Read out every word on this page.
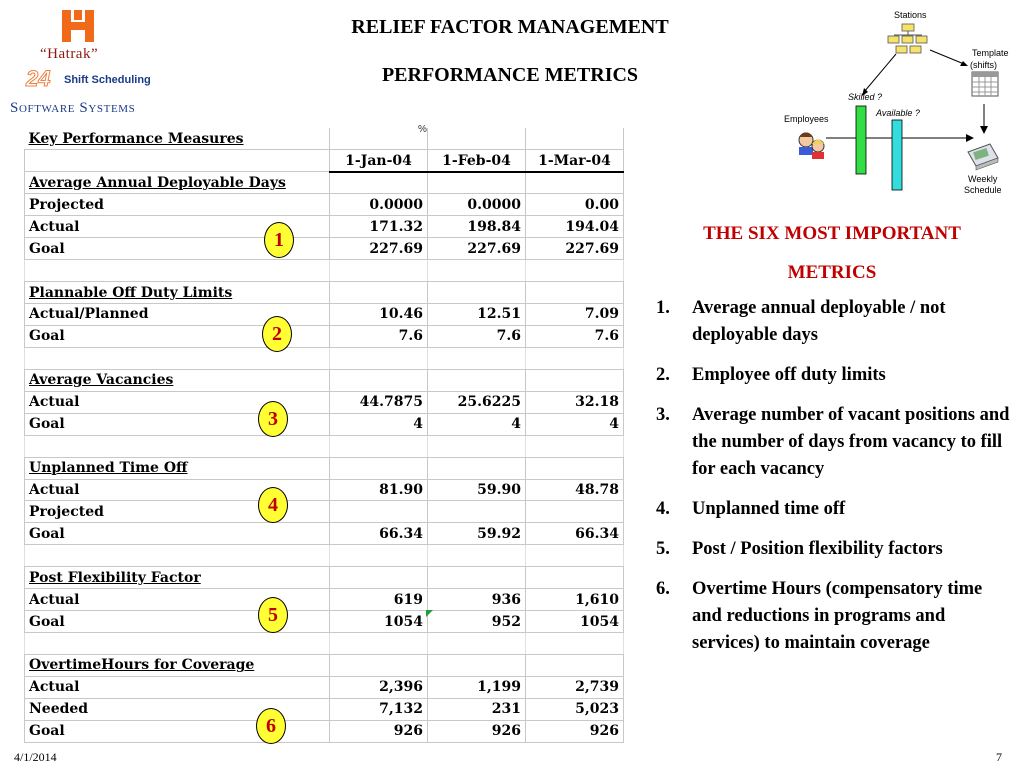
“Hatrak”
24	Shift Scheduling
Software Systems
RELIEF FACTOR MANAGEMENT
PERFORMANCE METRICS
%
Key Performance Measures			
	1-Jan-04	1-Feb-04	1-Mar-04
Average Annual Deployable Days			
Projected	0.0000	0.0000	0.00
Actual	171.32	198.84	194.04
Goal	227.69	227.69	227.69

Plannable Off Duty Limits			
Actual/Planned	10.46	12.51	7.09
Goal	7.6	7.6	7.6

Average Vacancies			
Actual	44.7875	25.6225	32.18
Goal	4	4	4

Unplanned Time Off			
Actual	81.90	59.90	48.78
Projected			
Goal	66.34	59.92	66.34

Post Flexibility Factor			
Actual	619	936	1,610
Goal	1054	952	1054

OvertimeHours for Coverage			
Actual	2,396	1,199	2,739
Needed	7,132	231	5,023
Goal	926	926	926
1
2
3
4
5
6
Stations
Template
(shifts)
Skilled ?
Available ?
Employees
Weekly
Schedule
THE SIX MOST IMPORTANT
METRICS
1.	Average annual deployable / not deployable days
2.	Employee off duty limits
3.	Average number of vacant positions and the number of days from vacancy to fill for each vacancy
4.	Unplanned time off
5.	Post / Position flexibility factors
6.	Overtime Hours (compensatory time and reductions in programs and services) to maintain coverage
4/1/2014	7
